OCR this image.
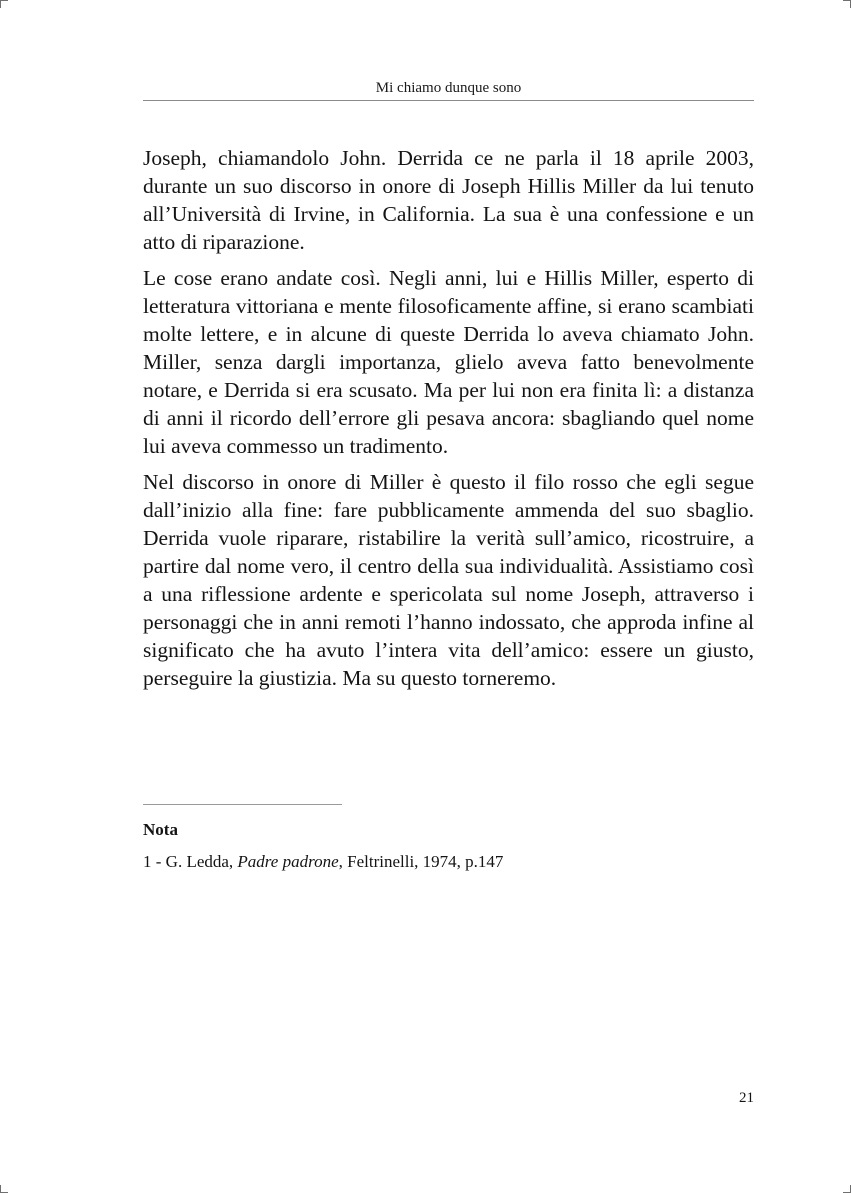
Mi chiamo dunque sono

Joseph, chiamandolo John. Derrida ce ne parla il 18 aprile 2003, durante un suo discorso in onore di Joseph Hillis Miller da lui tenuto all’Università di Irvine, in California. La sua è una confessione e un atto di riparazione.

Le cose erano andate così. Negli anni, lui e Hillis Miller, esperto di letteratura vittoriana e mente filosoficamente affine, si erano scambiati molte lettere, e in alcune di queste Derrida lo aveva chiamato John. Miller, senza dargli importanza, glielo aveva fatto benevolmente notare, e Derrida si era scusato. Ma per lui non era finita lì: a distanza di anni il ricordo dell’errore gli pesava ancora: sbagliando quel nome lui aveva commesso un tradimento.

Nel discorso in onore di Miller è questo il filo rosso che egli segue dall’inizio alla fine: fare pubblicamente ammenda del suo sbaglio. Derrida vuole riparare, ristabilire la verità sull’amico, ricostruire, a partire dal nome vero, il centro della sua individualità. Assistiamo così a una riflessione ardente e spericolata sul nome Joseph, attraverso i personaggi che in anni remoti l’hanno indossato, che approda infine al significato che ha avuto l’intera vita dell’amico: essere un giusto, perseguire la giustizia. Ma su questo torneremo.

Nota
1 - G. Ledda, Padre padrone, Feltrinelli, 1974, p.147
21
